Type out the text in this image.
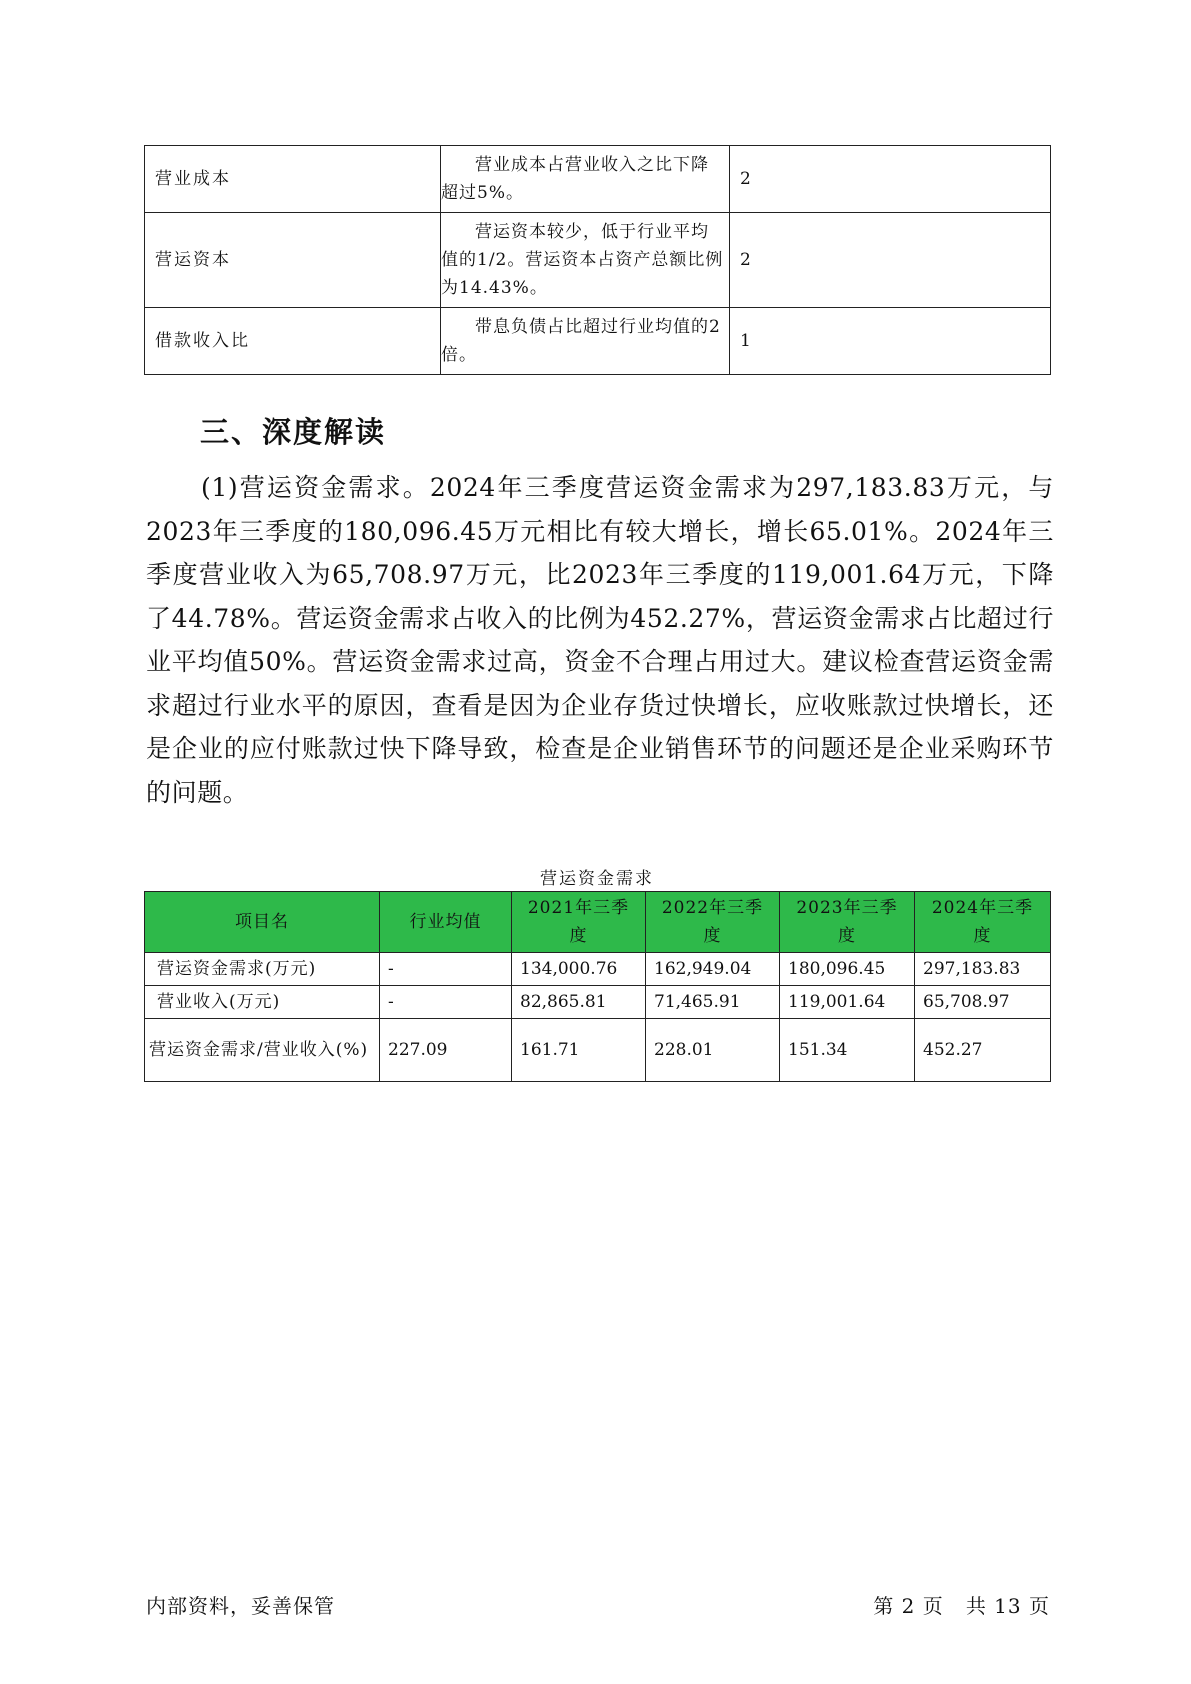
营业成本	营业成本占营业收入之比下降超过5%。	2
营运资本	营运资本较少，低于行业平均值的1/2。营运资本占资产总额比例为14.43%。	2
借款收入比	带息负债占比超过行业均值的2倍。	1
三、深度解读

(1)营运资金需求。2024年三季度营运资金需求为297,183.83万元，与2023年三季度的180,096.45万元相比有较大增长，增长65.01%。2024年三季度营业收入为65,708.97万元，比2023年三季度的119,001.64万元，下降了44.78%。营运资金需求占收入的比例为452.27%，营运资金需求占比超过行业平均值50%。营运资金需求过高，资金不合理占用过大。建议检查营运资金需求超过行业水平的原因，查看是因为企业存货过快增长，应收账款过快增长，还是企业的应付账款过快下降导致，检查是企业销售环节的问题还是企业采购环节的问题。

营运资金需求
项目名	行业均值	2021年三季度	2022年三季度	2023年三季度	2024年三季度
营运资金需求(万元)	-	134,000.76	162,949.04	180,096.45	297,183.83
营业收入(万元)	-	82,865.81	71,465.91	119,001.64	65,708.97
营运资金需求/营业收入(%)	227.09	161.71	228.01	151.34	452.27
内部资料，妥善保管	第 2 页   共 13 页
